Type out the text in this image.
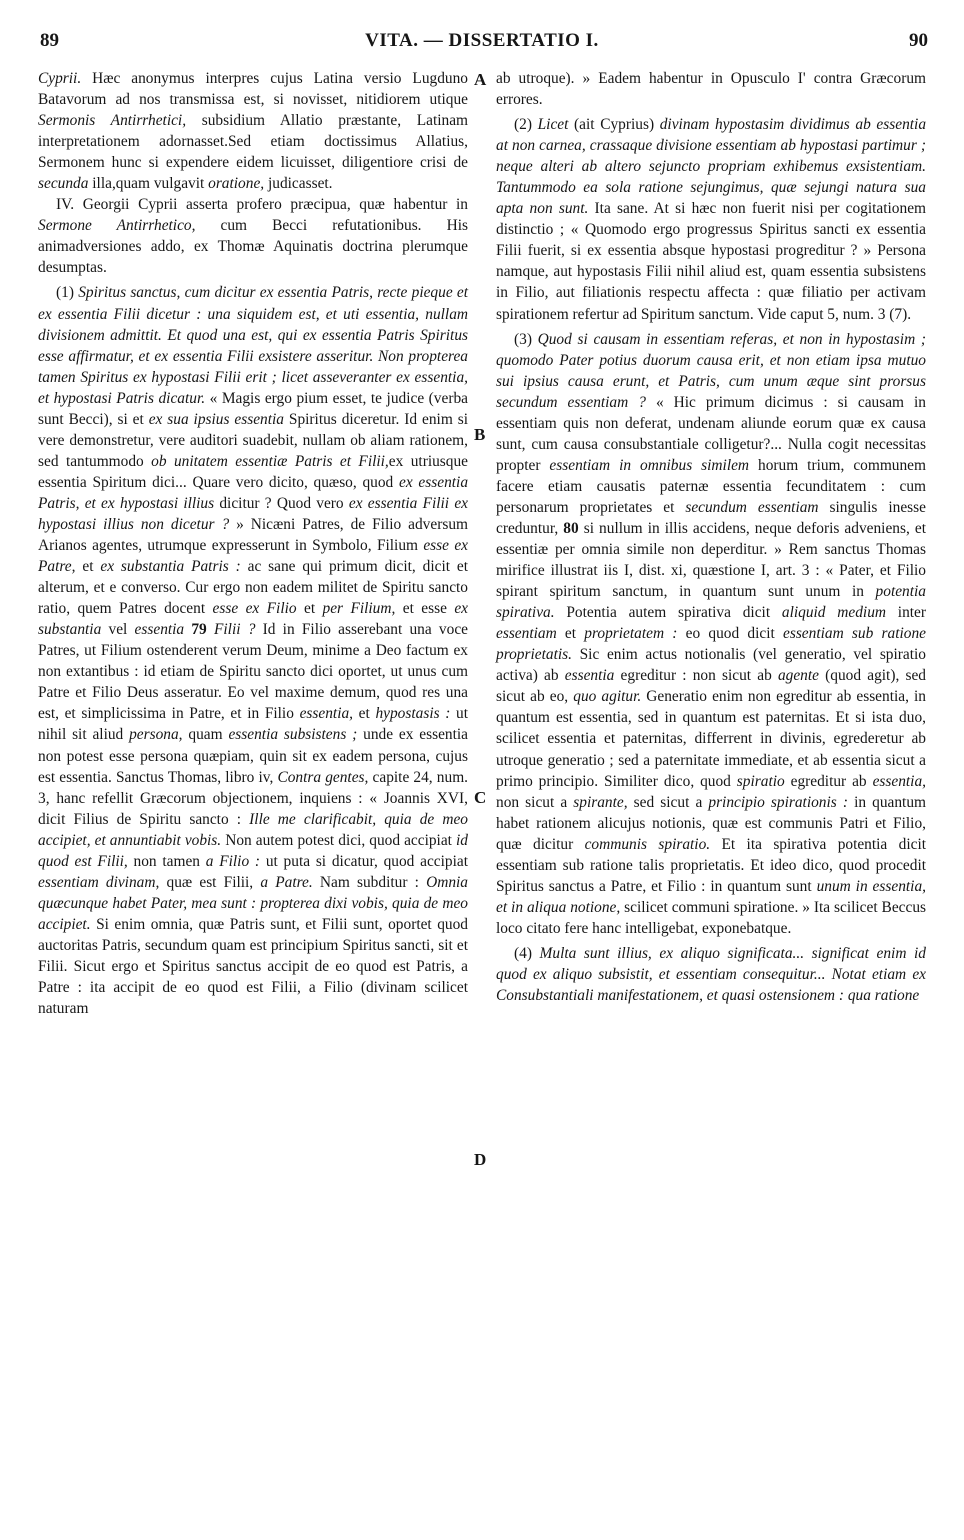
89	VITA. — DISSERTATIO I.	90
A
B
C
D

Cyprii. Hæc anonymus interpres cujus Latina versio Lugduno Batavorum ad nos transmissa est, si novisset, nitidiorem utique Sermonis Antirrhetici, subsidium Allatio præstante, Latinam interpretationem adornasset.Sed etiam doctissimus Allatius, Sermonem hunc si expendere eidem licuisset, diligentiore crisi de secunda illa,quam vulgavit oratione, judicasset.

IV. Georgii Cyprii asserta profero præcipua, quæ habentur in Sermone Antirrhetico, cum Becci refutationibus. His animadversiones addo, ex Thomæ Aquinatis doctrina plerumque desumptas.

(1) Spiritus sanctus, cum dicitur ex essentia Patris, recte pieque et ex essentia Filii dicetur : una siquidem est, et uti essentia, nullam divisionem admittit. Et quod una est, qui ex essentia Patris Spiritus esse affirmatur, et ex essentia Filii exsistere asseritur. Non propterea tamen Spiritus ex hypostasi Filii erit ; licet asseveranter ex essentia, et hypostasi Patris dicatur. « Magis ergo pium esset, te judice (verba sunt Becci), si et ex sua ipsius essentia Spiritus diceretur. Id enim si vere demonstretur, vere auditori suadebit, nullam ob aliam rationem, sed tantummodo ob unitatem essentiæ Patris et Filii,ex utriusque essentia Spiritum dici... Quare vero dicito, quæso, quod ex essentia Patris, et ex hypostasi illius dicitur ? Quod vero ex essentia Filii ex hypostasi illius non dicetur ? » Nicæni Patres, de Filio adversum Arianos agentes, utrumque expresserunt in Symbolo, Filium esse ex Patre, et ex substantia Patris : ac sane qui primum dicit, dicit et alterum, et e converso. Cur ergo non eadem militet de Spiritu sancto ratio, quem Patres docent esse ex Filio et per Filium, et esse ex substantia vel essentia 79 Filii ? Id in Filio asserebant una voce Patres, ut Filium ostenderent verum Deum, minime a Deo factum ex non extantibus : id etiam de Spiritu sancto dici oportet, ut unus cum Patre et Filio Deus asseratur. Eo vel maxime demum, quod res una est, et simplicissima in Patre, et in Filio essentia, et hypostasis : ut nihil sit aliud persona, quam essentia subsistens ; unde ex essentia non potest esse persona quæpiam, quin sit ex eadem persona, cujus est essentia. Sanctus Thomas, libro iv, Contra gentes, capite 24, num. 3, hanc refellit Græcorum objectionem, inquiens : « Joannis XVI, dicit Filius de Spiritu sancto : Ille me clarificabit, quia de meo accipiet, et annuntiabit vobis. Non autem potest dici, quod accipiat id quod est Filii, non tamen a Filio : ut puta si dicatur, quod accipiat essentiam divinam, quæ est Filii, a Patre. Nam subditur : Omnia quæcunque habet Pater, mea sunt : propterea dixi vobis, quia de meo accipiet. Si enim omnia, quæ Patris sunt, et Filii sunt, oportet quod auctoritas Patris, secundum quam est principium Spiritus sancti, sit et Filii. Sicut ergo et Spiritus sanctus accipit de eo quod est Patris, a Patre : ita accipit de eo quod est Filii, a Filio (divinam scilicet naturam

ab utroque). » Eadem habentur in Opusculo I' contra Græcorum errores.

(2) Licet (ait Cyprius) divinam hypostasim dividimus ab essentia at non carnea, crassaque divisione essentiam ab hypostasi partimur ; neque alteri ab altero sejuncto propriam exhibemus exsistentiam. Tantummodo ea sola ratione sejungimus, quæ sejungi natura sua apta non sunt. Ita sane. At si hæc non fuerit nisi per cogitationem distinctio ; « Quomodo ergo progressus Spiritus sancti ex essentia Filii fuerit, si ex essentia absque hypostasi progreditur ? » Persona namque, aut hypostasis Filii nihil aliud est, quam essentia subsistens in Filio, aut filiationis respectu affecta : quæ filiatio per activam spirationem refertur ad Spiritum sanctum. Vide caput 5, num. 3 (7).

(3) Quod si causam in essentiam referas, et non in hypostasim ; quomodo Pater potius duorum causa erit, et non etiam ipsa mutuo sui ipsius causa erunt, et Patris, cum unum æque sint prorsus secundum essentiam ? « Hic primum dicimus : si causam in essentiam quis non deferat, undenam aliunde eorum quæ ex causa sunt, cum causa consubstantiale colligetur?... Nulla cogit necessitas propter essentiam in omnibus similem horum trium, communem facere etiam causatis paternæ essentia fecunditatem : cum personarum proprietates et secundum essentiam singulis inesse creduntur, 80 si nullum in illis accidens, neque deforis adveniens, et essentiæ per omnia simile non deperditur. » Rem sanctus Thomas mirifice illustrat iis I, dist. xi, quæstione I, art. 3 : « Pater, et Filio spirant spiritum sanctum, in quantum sunt unum in potentia spirativa. Potentia autem spirativa dicit aliquid medium inter essentiam et proprietatem : eo quod dicit essentiam sub ratione proprietatis. Sic enim actus notionalis (vel generatio, vel spiratio activa) ab essentia egreditur : non sicut ab agente (quod agit), sed sicut ab eo, quo agitur. Generatio enim non egreditur ab essentia, in quantum est essentia, sed in quantum est paternitas. Et si ista duo, scilicet essentia et paternitas, differrent in divinis, egrederetur ab utroque generatio ; sed a paternitate immediate, et ab essentia sicut a primo principio. Similiter dico, quod spiratio egreditur ab essentia, non sicut a spirante, sed sicut a principio spirationis : in quantum habet rationem alicujus notionis, quæ est communis Patri et Filio, quæ dicitur communis spiratio. Et ita spirativa potentia dicit essentiam sub ratione talis proprietatis. Et ideo dico, quod procedit Spiritus sanctus a Patre, et Filio : in quantum sunt unum in essentia, et in aliqua notione, scilicet communi spiratione. » Ita scilicet Beccus loco citato fere hanc intelligebat, exponebatque.

(4) Multa sunt illius, ex aliquo significata... significat enim id quod ex aliquo subsistit, et essentiam consequitur... Notat etiam ex Consubstantiali manifestationem, et quasi ostensionem : qua ratione
